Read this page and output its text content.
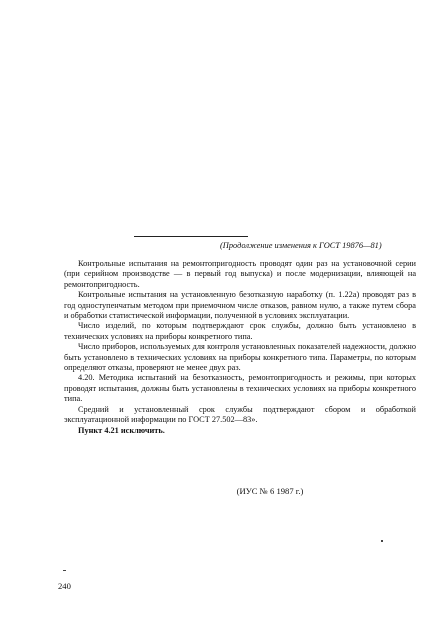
(Продолжение изменения к ГОСТ 19876—81)

Контрольные испытания на ремонтопригодность проводят один раз на установочной серии (при серийном производстве — в первый год выпуска) и после модернизации, влияющей на ремонтопригодность.

Контрольные испытания на установленную безотказную наработку (п. 1.22а) проводят раз в год одноступенчатым методом при приемочном числе отказов, равном нулю, а также путем сбора и обработки статистической информации, полученной в условиях эксплуатации.

Число изделий, по которым подтверждают срок службы, должно быть установлено в технических условиях на приборы конкретного типа.

Число приборов, используемых для контроля установленных показателей надежности, должно быть установлено в технических условиях на приборы конкретного типа. Параметры, по которым определяют отказы, проверяют не менее двух раз.

4.20. Методика испытаний на безотказность, ремонтопригодность и режимы, при которых проводят испытания, должны быть установлены в технических условиях на приборы конкретного типа.

Средний и установленный срок службы подтверждают сбором и обработкой эксплуатационной информации по ГОСТ 27.502—83».

Пункт 4.21 исключить.

(ИУС № 6 1987 г.)
240
